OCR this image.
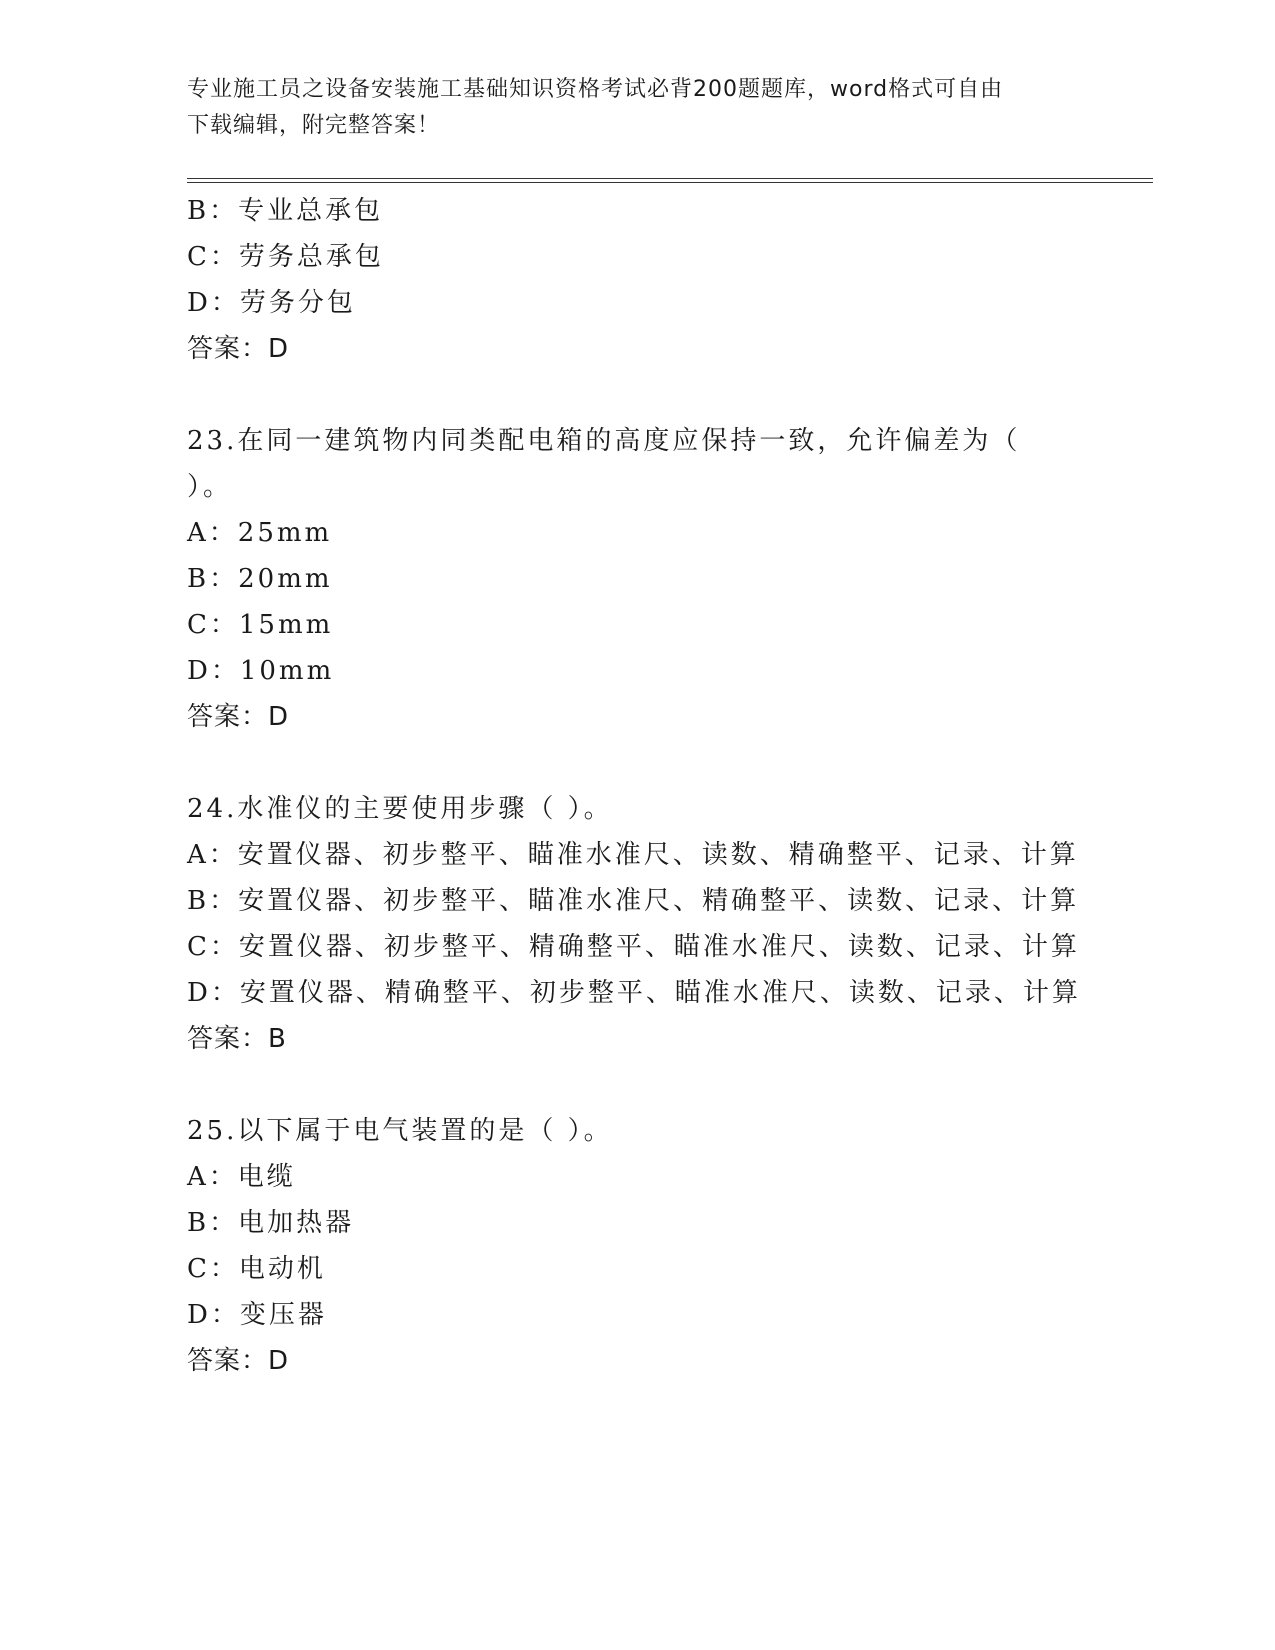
专业施工员之设备安装施工基础知识资格考试必背200题题库，word格式可自由
下载编辑，附完整答案！
B：专业总承包
C：劳务总承包
D：劳务分包
答案：D
23.在同一建筑物内同类配电箱的高度应保持一致，允许偏差为（ ）。
A：25mm
B：20mm
C：15mm
D：10mm
答案：D
24.水准仪的主要使用步骤（ ）。
A：安置仪器、初步整平、瞄准水准尺、读数、精确整平、记录、计算
B：安置仪器、初步整平、瞄准水准尺、精确整平、读数、记录、计算
C：安置仪器、初步整平、精确整平、瞄准水准尺、读数、记录、计算
D：安置仪器、精确整平、初步整平、瞄准水准尺、读数、记录、计算
答案：B
25.以下属于电气装置的是（ ）。
A：电缆
B：电加热器
C：电动机
D：变压器
答案：D
